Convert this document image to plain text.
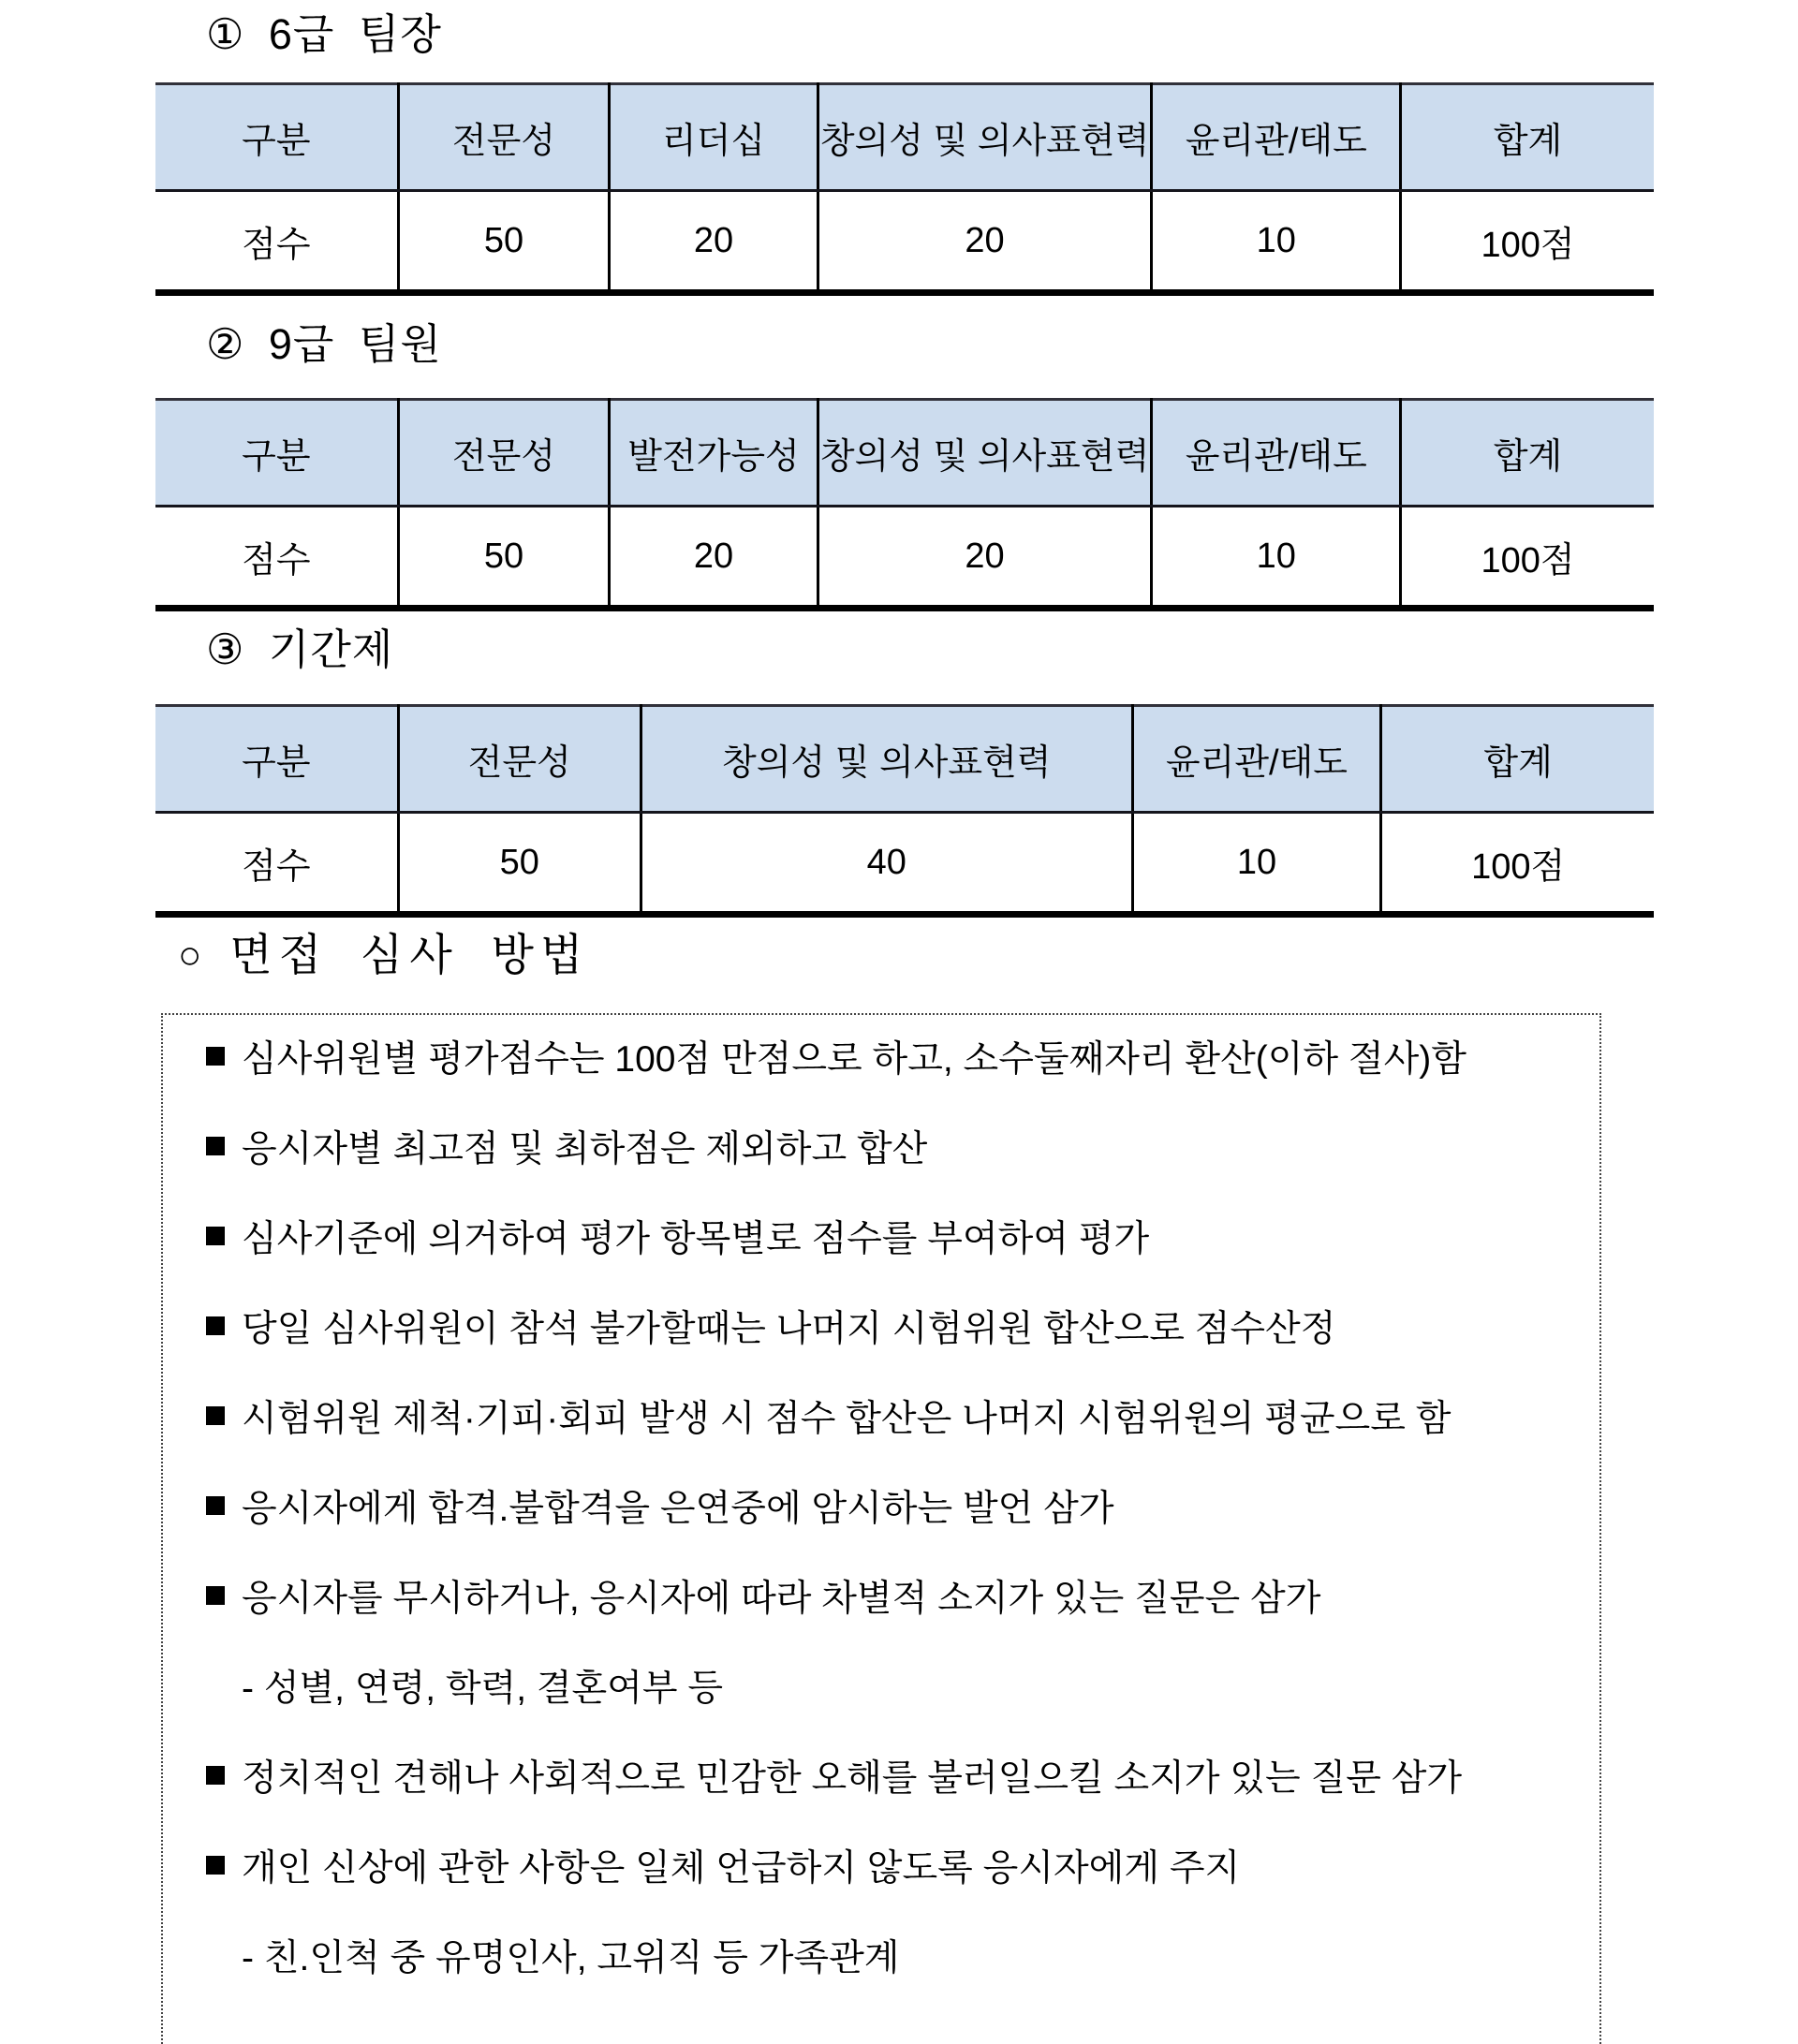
① 6급 팀장
구분	전문성	리더십	창의성 및 의사표현력	윤리관/태도	합계
점수	50	20	20	10	100점
② 9급 팀원
구분	전문성	발전가능성	창의성 및 의사표현력	윤리관/태도	합계
점수	50	20	20	10	100점
③ 기간제
구분	전문성	창의성 및 의사표현력	윤리관/태도	합계
점수	50	40	10	100점
○ 면접 심사 방법
심사위원별 평가점수는 100점 만점으로 하고, 소수둘째자리 환산(이하 절사)함
응시자별 최고점 및 최하점은 제외하고 합산
심사기준에 의거하여 평가 항목별로 점수를 부여하여 평가
당일 심사위원이 참석 불가할때는 나머지 시험위원 합산으로 점수산정
시험위원 제척·기피·회피 발생 시 점수 합산은 나머지 시험위원의 평균으로 함
응시자에게 합격.불합격을 은연중에 암시하는 발언 삼가
응시자를 무시하거나, 응시자에 따라 차별적 소지가 있는 질문은 삼가
- 성별, 연령, 학력, 결혼여부 등
정치적인 견해나 사회적으로 민감한 오해를 불러일으킬 소지가 있는 질문 삼가
개인 신상에 관한 사항은 일체 언급하지 않도록 응시자에게 주지
- 친.인척 중 유명인사, 고위직 등 가족관계
